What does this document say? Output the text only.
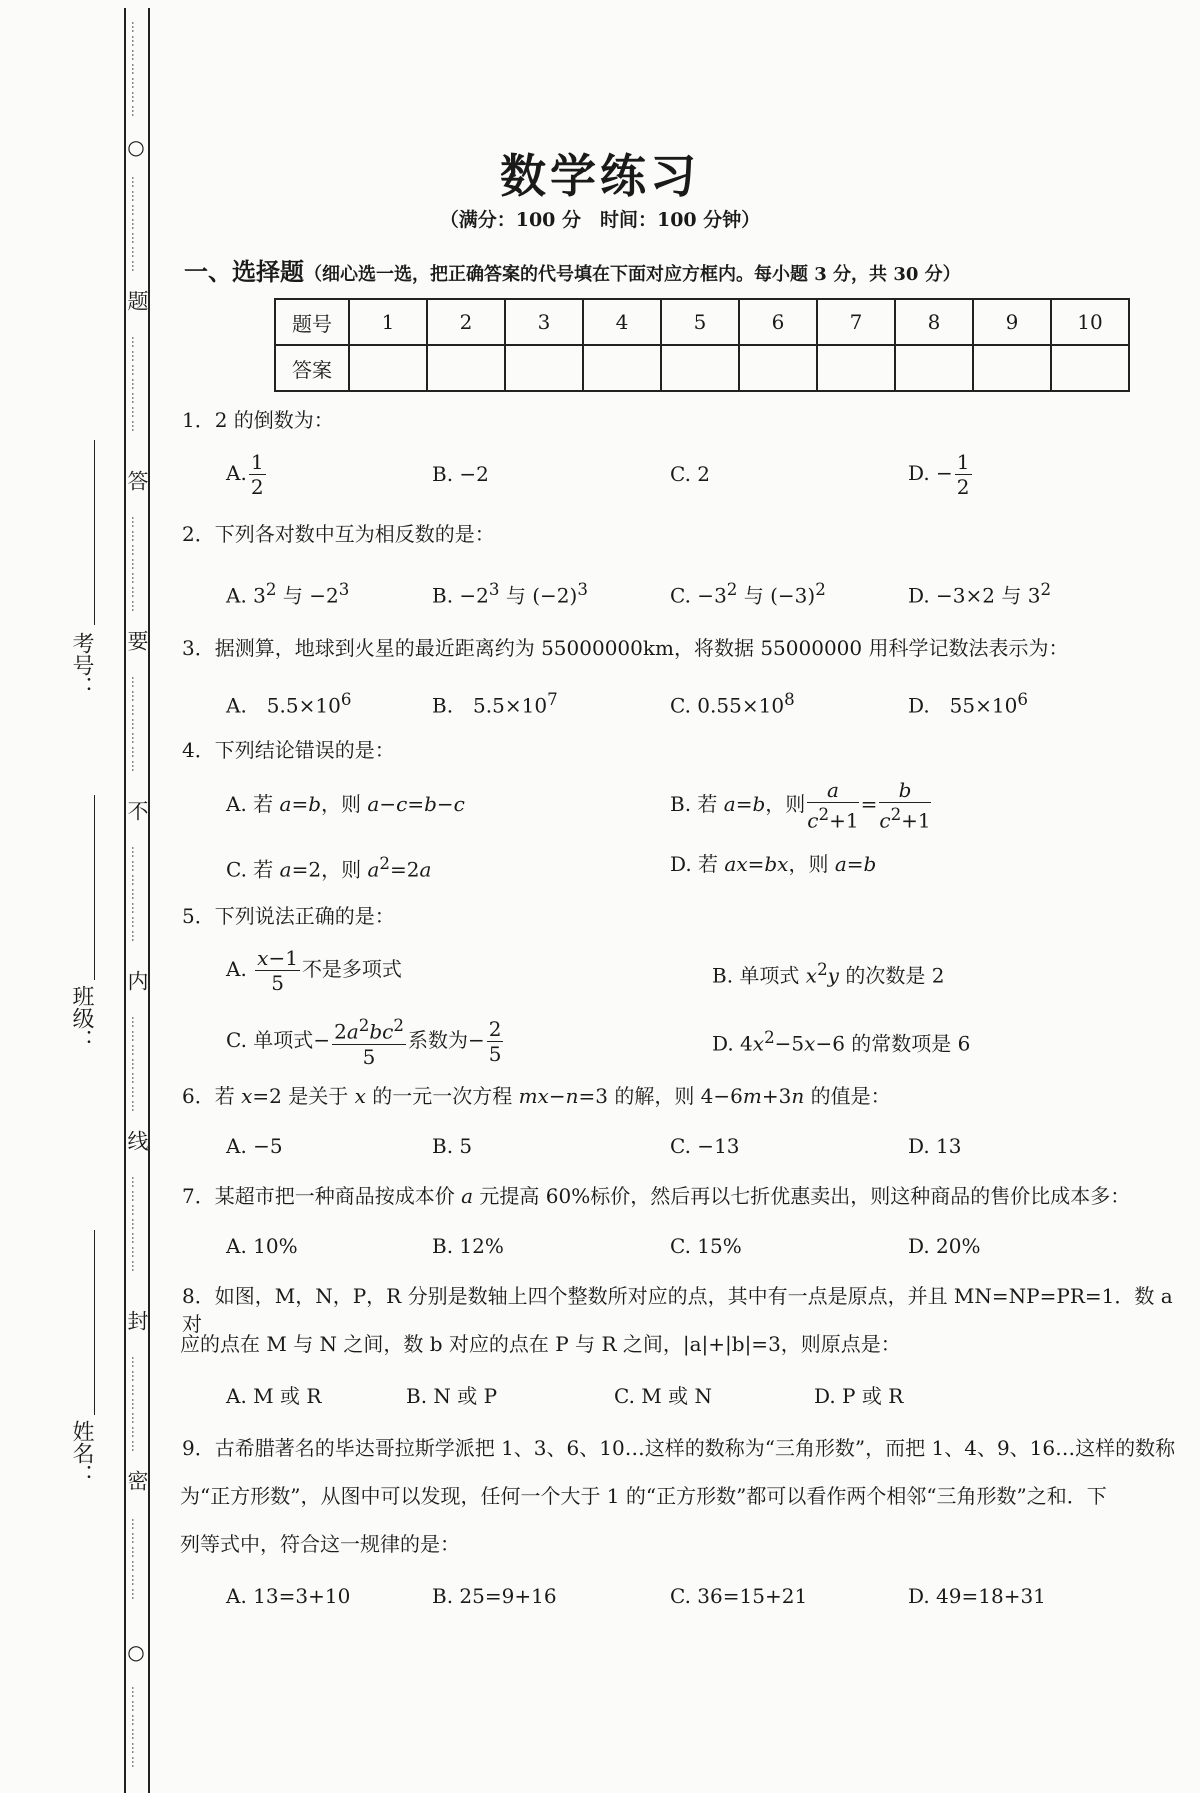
…………………
○
…………………
题
…………………
答
…………………
要
…………………
不
…………………
内
…………………
线
…………………
封
…………………
密
………………
○
………………
考号：
班级：
姓名：
数学练习
（满分：100 分　时间：100 分钟）
一、选择题（细心选一选，把正确答案的代号填在下面对应方框内。每小题 3 分，共 30 分）
题号	1	2	3	4	5	6	7	8	9	10
答案										
1．2 的倒数为：
A. $\frac{1}{2}$	B. −2	C. 2	D. − $\frac{1}{2}$
2．下列各对数中互为相反数的是：
A. $3^2$ 与 $-2^3$	B. $-2^3$ 与 $(-2)^3$	C. $-3^2$ 与 $(-3)^2$	D. −3×2 与 $3^2$
3．据测算，地球到火星的最近距离约为 55000000km，将数据 55000000 用科学记数法表示为：
A.　$5.5\times 10^6$	B.　$5.5\times 10^7$	C. $0.55\times 10^8$	D.　$55\times 10^6$
4．下列结论错误的是：
A. 若 a=b，则 a−c=b−c	B. 若 a=b，则 $\frac{a}{c^2+1} = \frac{b}{c^2+1}$
C. 若 a=2，则 $a^2=2a$	D. 若 ax=bx，则 a=b
5．下列说法正确的是：
A. $\frac{x-1}{5}$ 不是多项式	B. 单项式 $x^2y$ 的次数是 2
C. 单项式− $\frac{2a^2bc^2}{5}$ 系数为− $\frac{2}{5}$	D. $4x^2-5x-6$ 的常数项是 6
6．若 x=2 是关于 x 的一元一次方程 mx−n=3 的解，则 4−6m+3n 的值是：
A. −5	B. 5	C. −13	D. 13
7．某超市把一种商品按成本价 a 元提高 60%标价，然后再以七折优惠卖出，则这种商品的售价比成本多：
A. 10%	B. 12%	C. 15%	D. 20%
8．如图，M，N，P，R 分别是数轴上四个整数所对应的点，其中有一点是原点，并且 MN=NP=PR=1．数 a 对
应的点在 M 与 N 之间，数 b 对应的点在 P 与 R 之间，|a|+|b|=3，则原点是：
A. M 或 R	B. N 或 P	C. M 或 N	D. P 或 R
9．古希腊著名的毕达哥拉斯学派把 1、3、6、10…这样的数称为“三角形数”，而把 1、4、9、16…这样的数称
为“正方形数”，从图中可以发现，任何一个大于 1 的“正方形数”都可以看作两个相邻“三角形数”之和．下
列等式中，符合这一规律的是：
A. 13=3+10	B. 25=9+16	C. 36=15+21	D. 49=18+31
